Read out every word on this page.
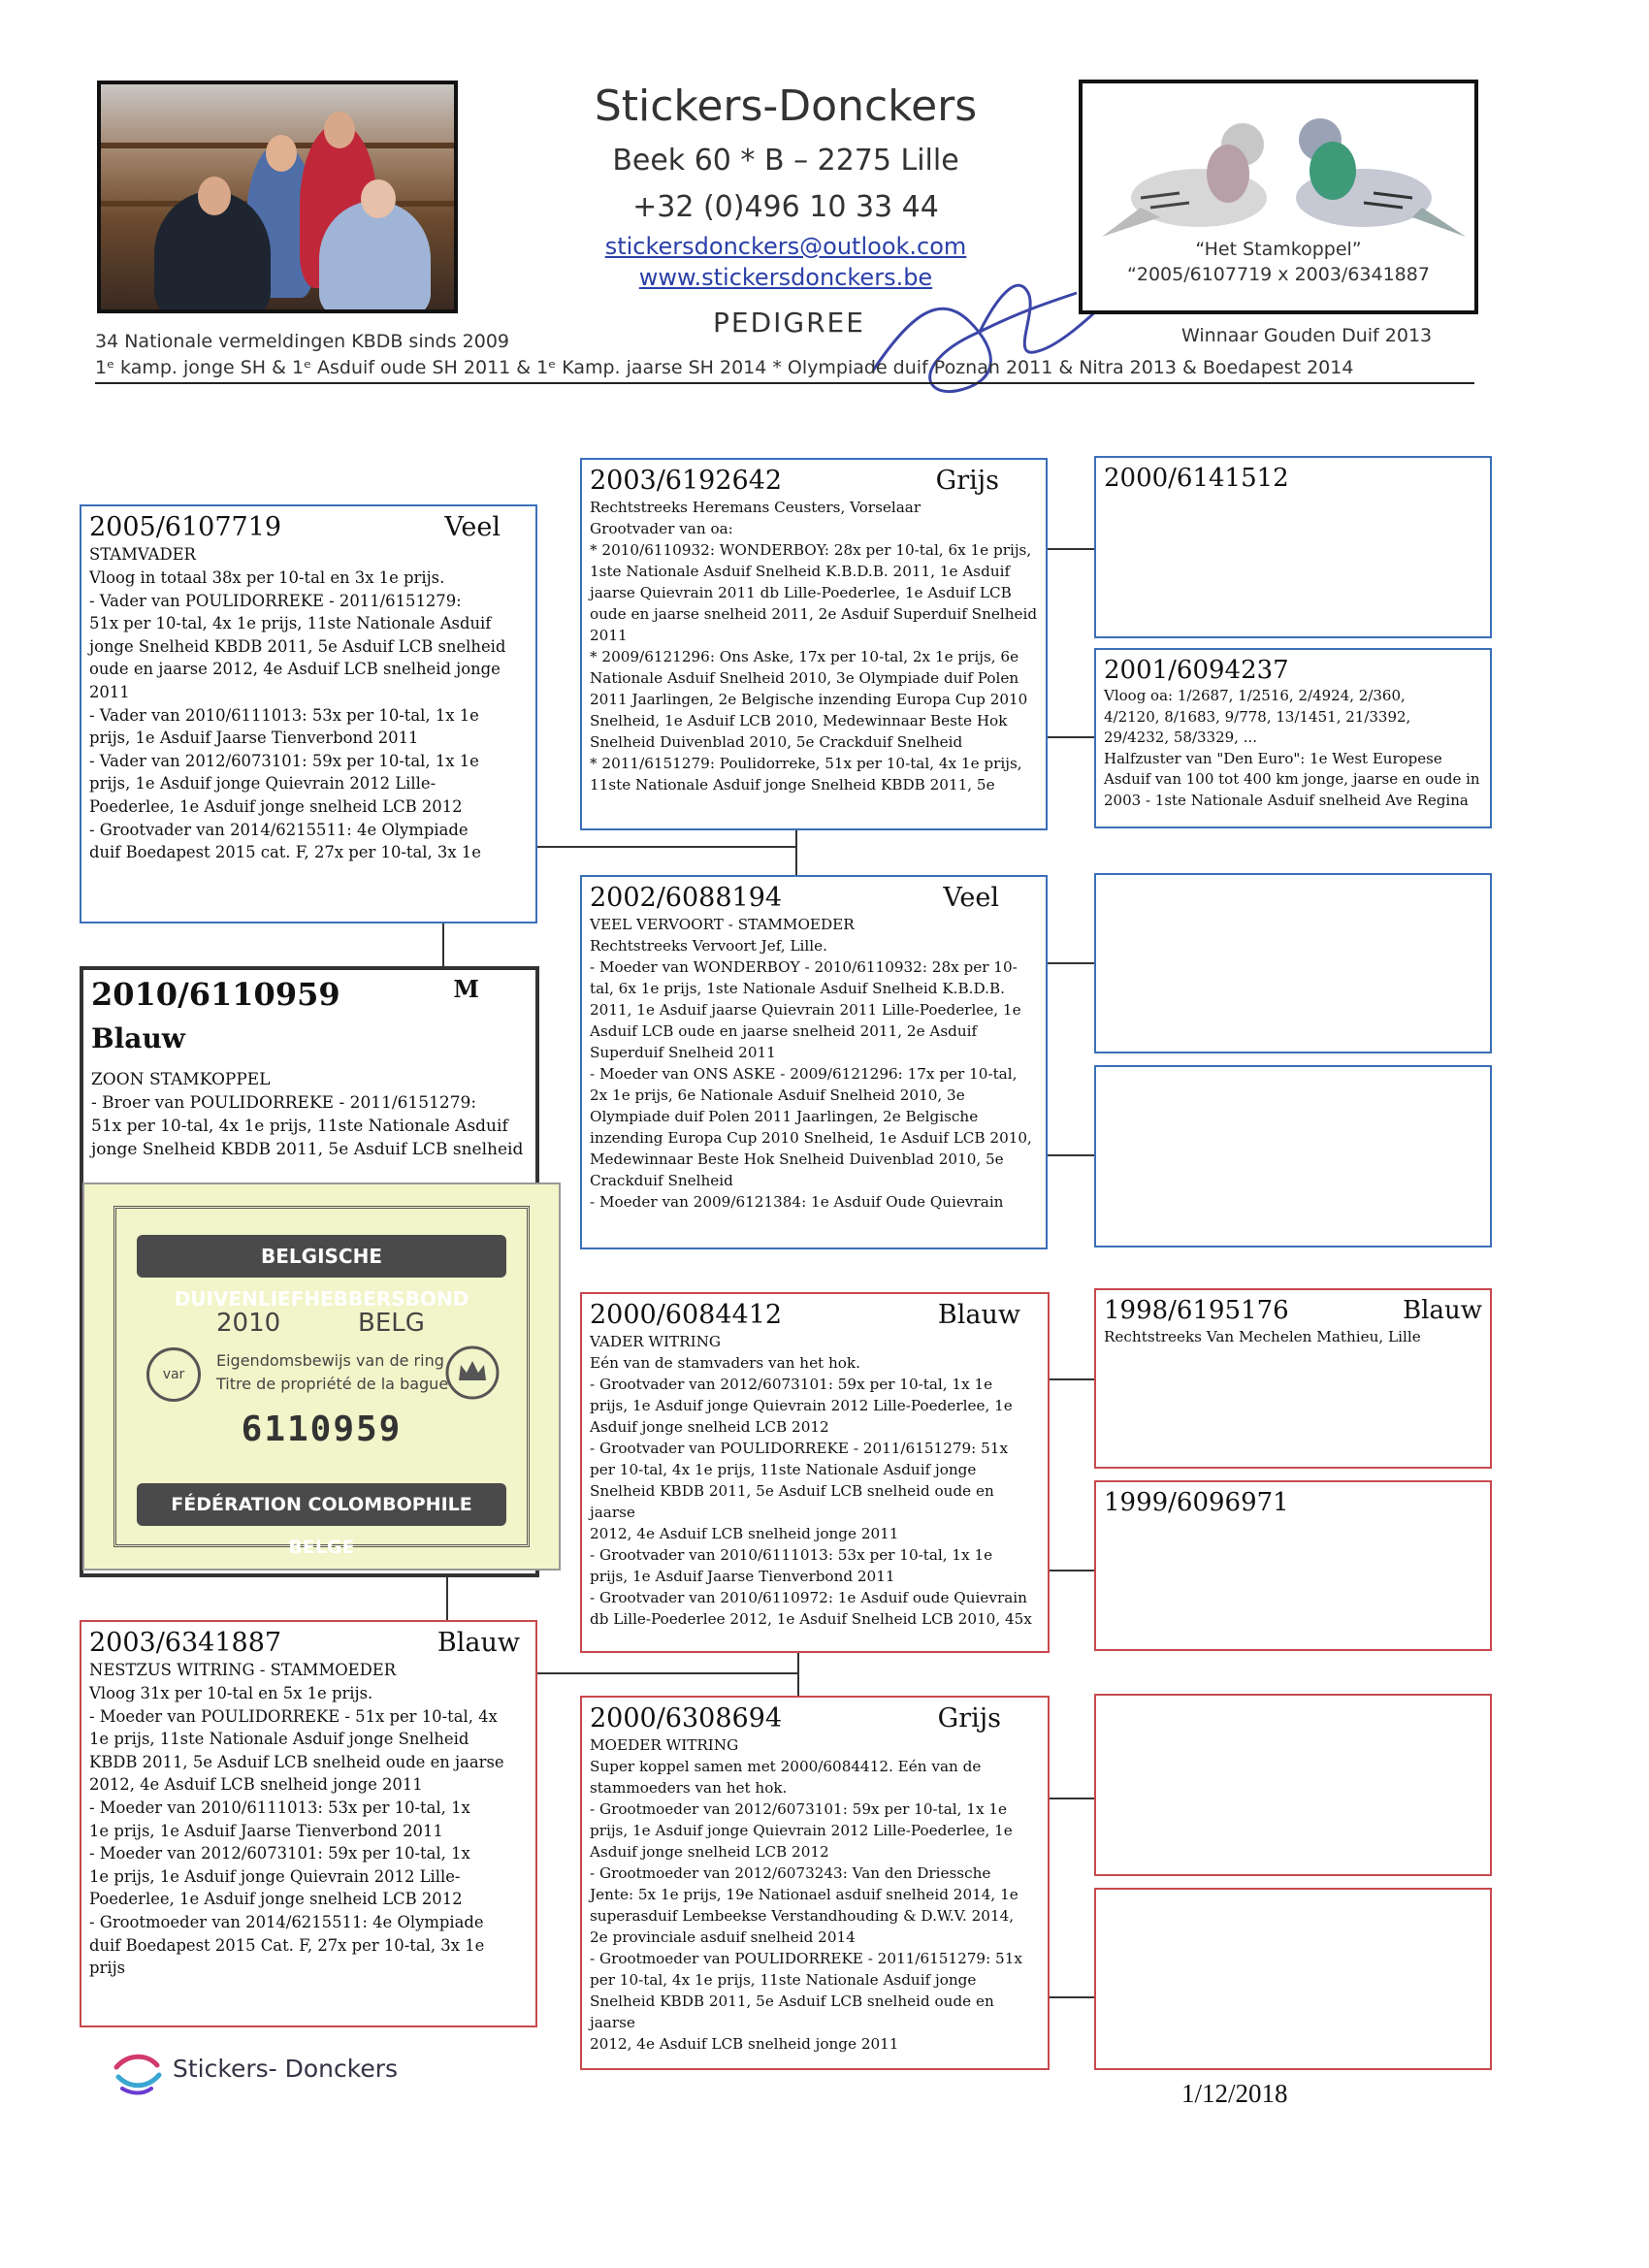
Stickers-Donckers
Beek 60 * B – 2275 Lille
+32 (0)496 10 33 44
stickersdonckers@outlook.com
www.stickersdonckers.be
PEDIGREE
“Het Stamkoppel”
“2005/6107719 x 2003/6341887
34 Nationale vermeldingen KBDB sinds 2009	Winnaar Gouden Duif 2013
1ᵉ kamp. jonge SH & 1ᵉ Asduif oude SH 2011 & 1ᵉ Kamp. jaarse SH 2014 * Olympiade duif Poznan 2011 & Nitra 2013 & Boedapest 2014
2005/6107719	Veel
STAMVADER
Vloog in totaal 38x per 10-tal en 3x 1e prijs.
- Vader van POULIDORREKE - 2011/6151279:
51x per 10-tal, 4x 1e prijs, 11ste Nationale Asduif
jonge Snelheid KBDB 2011, 5e Asduif LCB snelheid
oude en jaarse 2012, 4e Asduif LCB snelheid jonge
2011
- Vader van 2010/6111013: 53x per 10-tal, 1x 1e
prijs, 1e Asduif Jaarse Tienverbond 2011
- Vader van 2012/6073101: 59x per 10-tal, 1x 1e
prijs, 1e Asduif jonge Quievrain 2012 Lille-
Poederlee, 1e Asduif jonge snelheid LCB 2012
- Grootvader van 2014/6215511: 4e Olympiade
duif Boedapest 2015 cat. F, 27x per 10-tal, 3x 1e
2010/6110959	M
Blauw
ZOON STAMKOPPEL
- Broer van POULIDORREKE - 2011/6151279:
51x per 10-tal, 4x 1e prijs, 11ste Nationale Asduif
jonge Snelheid KBDB 2011, 5e Asduif LCB snelheid
BELGISCHE DUIVENLIEFHEBBERSBOND
2010	BELG
Eigendomsbewijs van de ring
Titre de propriété de la bague
var
6110959
FÉDÉRATION COLOMBOPHILE BELGE
2003/6341887	Blauw
NESTZUS WITRING - STAMMOEDER
Vloog 31x per 10-tal en 5x 1e prijs.
- Moeder van POULIDORREKE - 51x per 10-tal, 4x
1e prijs, 11ste Nationale Asduif jonge Snelheid
KBDB 2011, 5e Asduif LCB snelheid oude en jaarse
2012, 4e Asduif LCB snelheid jonge 2011
- Moeder van 2010/6111013: 53x per 10-tal, 1x
1e prijs, 1e Asduif Jaarse Tienverbond 2011
- Moeder van 2012/6073101: 59x per 10-tal, 1x
1e prijs, 1e Asduif jonge Quievrain 2012 Lille-
Poederlee, 1e Asduif jonge snelheid LCB 2012
- Grootmoeder van 2014/6215511: 4e Olympiade
duif Boedapest 2015 Cat. F, 27x per 10-tal, 3x 1e
prijs
2003/6192642	Grijs
Rechtstreeks Heremans Ceusters, Vorselaar
Grootvader van oa:
* 2010/6110932: WONDERBOY: 28x per 10-tal, 6x 1e prijs,
1ste Nationale Asduif Snelheid K.B.D.B. 2011, 1e Asduif
jaarse Quievrain 2011 db Lille-Poederlee, 1e Asduif LCB
oude en jaarse snelheid 2011, 2e Asduif Superduif Snelheid
2011
* 2009/6121296: Ons Aske, 17x per 10-tal, 2x 1e prijs, 6e
Nationale Asduif Snelheid 2010, 3e Olympiade duif Polen
2011 Jaarlingen, 2e Belgische inzending Europa Cup 2010
Snelheid, 1e Asduif LCB 2010, Medewinnaar Beste Hok
Snelheid Duivenblad 2010, 5e Crackduif Snelheid
* 2011/6151279: Poulidorreke, 51x per 10-tal, 4x 1e prijs,
11ste Nationale Asduif jonge Snelheid KBDB 2011, 5e
2002/6088194	Veel
VEEL VERVOORT - STAMMOEDER
Rechtstreeks Vervoort Jef, Lille.
- Moeder van WONDERBOY - 2010/6110932: 28x per 10-
tal, 6x 1e prijs, 1ste Nationale Asduif Snelheid K.B.D.B.
2011, 1e Asduif jaarse Quievrain 2011 Lille-Poederlee, 1e
Asduif LCB oude en jaarse snelheid 2011, 2e Asduif
Superduif Snelheid 2011
- Moeder van ONS ASKE - 2009/6121296: 17x per 10-tal,
2x 1e prijs, 6e Nationale Asduif Snelheid 2010, 3e
Olympiade duif Polen 2011 Jaarlingen, 2e Belgische
inzending Europa Cup 2010 Snelheid, 1e Asduif LCB 2010,
Medewinnaar Beste Hok Snelheid Duivenblad 2010, 5e
Crackduif Snelheid
- Moeder van 2009/6121384: 1e Asduif Oude Quievrain
2000/6084412	Blauw
VADER WITRING
Eén van de stamvaders van het hok.
- Grootvader van 2012/6073101: 59x per 10-tal, 1x 1e
prijs, 1e Asduif jonge Quievrain 2012 Lille-Poederlee, 1e
Asduif jonge snelheid LCB 2012
- Grootvader van POULIDORREKE - 2011/6151279: 51x
per 10-tal, 4x 1e prijs, 11ste Nationale Asduif jonge
Snelheid KBDB 2011, 5e Asduif LCB snelheid oude en jaarse
2012, 4e Asduif LCB snelheid jonge 2011
- Grootvader van 2010/6111013: 53x per 10-tal, 1x 1e
prijs, 1e Asduif Jaarse Tienverbond 2011
- Grootvader van 2010/6110972: 1e Asduif oude Quievrain
db Lille-Poederlee 2012, 1e Asduif Snelheid LCB 2010, 45x
2000/6308694	Grijs
MOEDER WITRING
Super koppel samen met 2000/6084412. Eén van de
stammoeders van het hok.
- Grootmoeder van 2012/6073101: 59x per 10-tal, 1x 1e
prijs, 1e Asduif jonge Quievrain 2012 Lille-Poederlee, 1e
Asduif jonge snelheid LCB 2012
- Grootmoeder van 2012/6073243: Van den Driessche
Jente: 5x 1e prijs, 19e Nationael asduif snelheid 2014, 1e
superasduif Lembeekse Verstandhouding & D.W.V. 2014,
2e provinciale asduif snelheid 2014
- Grootmoeder van POULIDORREKE - 2011/6151279: 51x
per 10-tal, 4x 1e prijs, 11ste Nationale Asduif jonge
Snelheid KBDB 2011, 5e Asduif LCB snelheid oude en jaarse
2012, 4e Asduif LCB snelheid jonge 2011
2000/6141512
2001/6094237
Vloog oa: 1/2687, 1/2516, 2/4924, 2/360,
4/2120, 8/1683, 9/778, 13/1451, 21/3392,
29/4232, 58/3329, ...
Halfzuster van "Den Euro": 1e West Europese
Asduif van 100 tot 400 km jonge, jaarse en oude in
2003 - 1ste Nationale Asduif snelheid Ave Regina
1998/6195176	Blauw
Rechtstreeks Van Mechelen Mathieu, Lille
1999/6096971
Stickers- Donckers
1/12/2018
